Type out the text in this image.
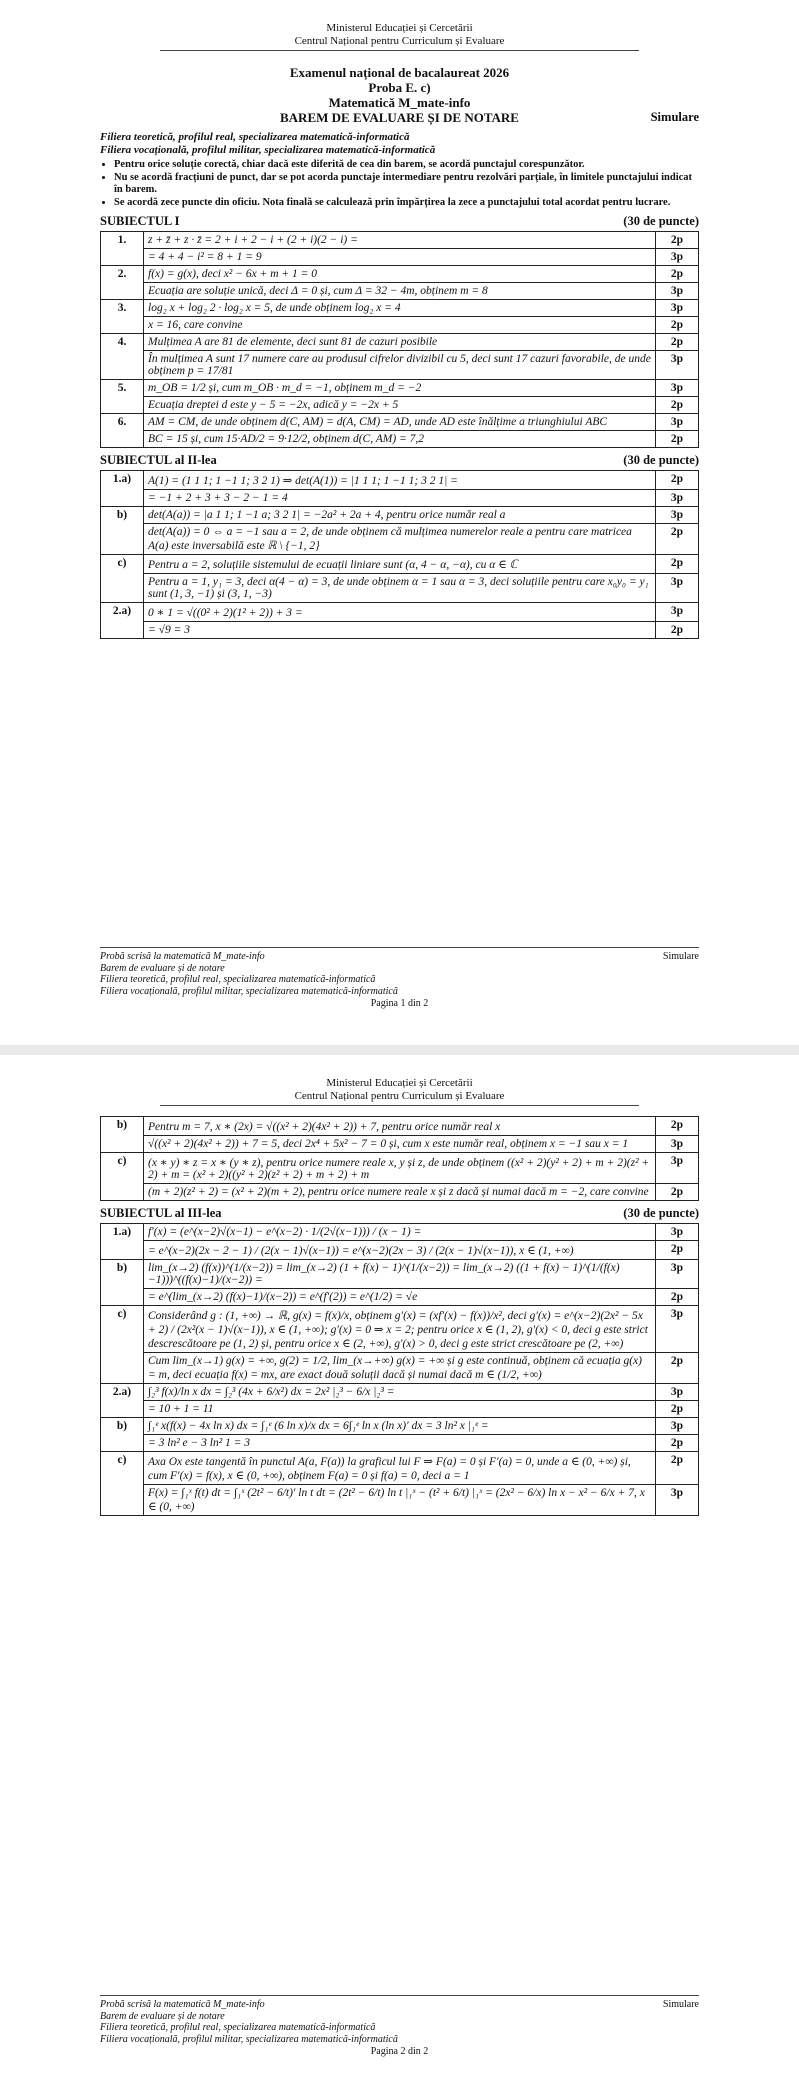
Ministerul Educației și Cercetării
Centrul Național pentru Curriculum și Evaluare
Examenul național de bacalaureat 2026
Proba E. c)
Matematică M_mate-info
BAREM DE EVALUARE ȘI DE NOTARE	Simulare
Filiera teoretică, profilul real, specializarea matematică-informatică
Filiera vocațională, profilul militar, specializarea matematică-informatică
• Pentru orice soluție corectă, chiar dacă este diferită de cea din barem, se acordă punctajul corespunzător.
• Nu se acordă fracțiuni de punct, dar se pot acorda punctaje intermediare pentru rezolvări parțiale, în limitele punctajului indicat în barem.
• Se acordă zece puncte din oficiu. Nota finală se calculează prin împărțirea la zece a punctajului total acordat pentru lucrare.
SUBIECTUL I	(30 de puncte)
1.	z + z̄ + z · z̄ = 2 + i + 2 − i + (2 + i)(2 − i) =	2p
	= 4 + 4 − i² = 8 + 1 = 9	3p
2.	f(x) = g(x), deci x² − 6x + m + 1 = 0	2p
	Ecuația are soluție unică, deci Δ = 0 și, cum Δ = 32 − 4m, obținem m = 8	3p
3.	log₂ x + log₂ 2 · log₂ x = 5, de unde obținem log₂ x = 4	3p
	x = 16, care convine	2p
4.	Mulțimea A are 81 de elemente, deci sunt 81 de cazuri posibile	2p
	În mulțimea A sunt 17 numere care au produsul cifrelor divizibil cu 5, deci sunt 17 cazuri favorabile, de unde obținem p = 17/81	3p
5.	m_OB = 1/2 și, cum m_OB · m_d = −1, obținem m_d = −2	3p
	Ecuația dreptei d este y − 5 = −2x, adică y = −2x + 5	2p
6.	AM = CM, de unde obținem d(C, AM) = d(A, CM) = AD, unde AD este înălțime a triunghiului ABC	3p
	BC = 15 și, cum 15·AD/2 = 9·12/2, obținem d(C, AM) = 7,2	2p
SUBIECTUL al II-lea	(30 de puncte)
1.a)	A(1) = (1 1 1; 1 −1 1; 3 2 1) ⇒ det(A(1)) = |1 1 1; 1 −1 1; 3 2 1| =	2p
	= −1 + 2 + 3 + 3 − 2 − 1 = 4	3p
b)	det(A(a)) = |a 1 1; 1 −1 a; 3 2 1| = −2a² + 2a + 4, pentru orice număr real a	3p
	det(A(a)) = 0 ⇔ a = −1 sau a = 2, de unde obținem că mulțimea numerelor reale a pentru care matricea A(a) este inversabilă este ℝ \ {−1, 2}	2p
c)	Pentru a = 2, soluțiile sistemului de ecuații liniare sunt (α, 4 − α, −α), cu α ∈ ℂ	2p
	Pentru a = 1, y₁ = 3, deci α(4 − α) = 3, de unde obținem α = 1 sau α = 3, deci soluțiile pentru care x₀y₀ = y₁ sunt (1, 3, −1) și (3, 1, −3)	3p
2.a)	0 ∗ 1 = √((0² + 2)(1² + 2)) + 3 =	3p
	= √9 = 3	2p
Probă scrisă la matematică M_mate-info	Simulare
Barem de evaluare și de notare
Filiera teoretică, profilul real, specializarea matematică-informatică
Filiera vocațională, profilul militar, specializarea matematică-informatică
Pagina 1 din 2
Ministerul Educației și Cercetării
Centrul Național pentru Curriculum și Evaluare
b)	Pentru m = 7, x ∗ (2x) = √((x² + 2)(4x² + 2)) + 7, pentru orice număr real x	2p
	√((x² + 2)(4x² + 2)) + 7 = 5, deci 2x⁴ + 5x² − 7 = 0 și, cum x este număr real, obținem x = −1 sau x = 1	3p
c)	(x ∗ y) ∗ z = x ∗ (y ∗ z), pentru orice numere reale x, y și z, de unde obținem ((x² + 2)(y² + 2) + m + 2)(z² + 2) + m = (x² + 2)((y² + 2)(z² + 2) + m + 2) + m	3p
	(m + 2)(z² + 2) = (x² + 2)(m + 2), pentru orice numere reale x și z dacă și numai dacă m = −2, care convine	2p
SUBIECTUL al III-lea	(30 de puncte)
1.a)	f′(x) = (e^(x−2)√(x−1) − e^(x−2) · 1/(2√(x−1))) / (x − 1) =	3p
	= e^(x−2)(2x − 2 − 1) / (2(x − 1)√(x−1)) = e^(x−2)(2x − 3) / (2(x − 1)√(x−1)), x ∈ (1, +∞)	2p
b)	lim_(x→2) (f(x))^(1/(x−2)) = lim_(x→2) (1 + f(x) − 1)^(1/(x−2)) = lim_(x→2) ((1 + f(x) − 1)^(1/(f(x)−1)))^((f(x)−1)/(x−2)) =	3p
	= e^(lim_(x→2) (f(x)−1)/(x−2)) = e^(f′(2)) = e^(1/2) = √e	2p
c)	Considerând g : (1, +∞) → ℝ, g(x) = f(x)/x, obținem g′(x) = (xf′(x) − f(x))/x², deci g′(x) = e^(x−2)(2x² − 5x + 2) / (2x²(x − 1)√(x−1)), x ∈ (1, +∞); g′(x) = 0 ⇒ x = 2; pentru orice x ∈ (1, 2), g′(x) < 0, deci g este strict descrescătoare pe (1, 2) și, pentru orice x ∈ (2, +∞), g′(x) > 0, deci g este strict crescătoare pe (2, +∞)	3p
	Cum lim_(x→1) g(x) = +∞, g(2) = 1/2, lim_(x→+∞) g(x) = +∞ și g este continuă, obținem că ecuația g(x) = m, deci ecuația f(x) = mx, are exact două soluții dacă și numai dacă m ∈ (1/2, +∞)	2p
2.a)	∫₂³ f(x)/ln x dx = ∫₂³ (4x + 6/x²) dx = 2x² |₂³ − 6/x |₂³ =	3p
	= 10 + 1 = 11	2p
b)	∫₁ᵉ x(f(x) − 4x ln x) dx = ∫₁ᵉ (6 ln x)/x dx = 6∫₁ᵉ ln x (ln x)′ dx = 3 ln² x |₁ᵉ =	3p
	= 3 ln² e − 3 ln² 1 = 3	2p
c)	Axa Ox este tangentă în punctul A(a, F(a)) la graficul lui F ⇒ F(a) = 0 și F′(a) = 0, unde a ∈ (0, +∞) și, cum F′(x) = f(x), x ∈ (0, +∞), obținem F(a) = 0 și f(a) = 0, deci a = 1	2p
	F(x) = ∫₁ˣ f(t) dt = ∫₁ˣ (2t² − 6/t)′ ln t dt = (2t² − 6/t) ln t |₁ˣ − (t² + 6/t) |₁ˣ = (2x² − 6/x) ln x − x² − 6/x + 7, x ∈ (0, +∞)	3p
Probă scrisă la matematică M_mate-info	Simulare
Barem de evaluare și de notare
Filiera teoretică, profilul real, specializarea matematică-informatică
Filiera vocațională, profilul militar, specializarea matematică-informatică
Pagina 2 din 2
